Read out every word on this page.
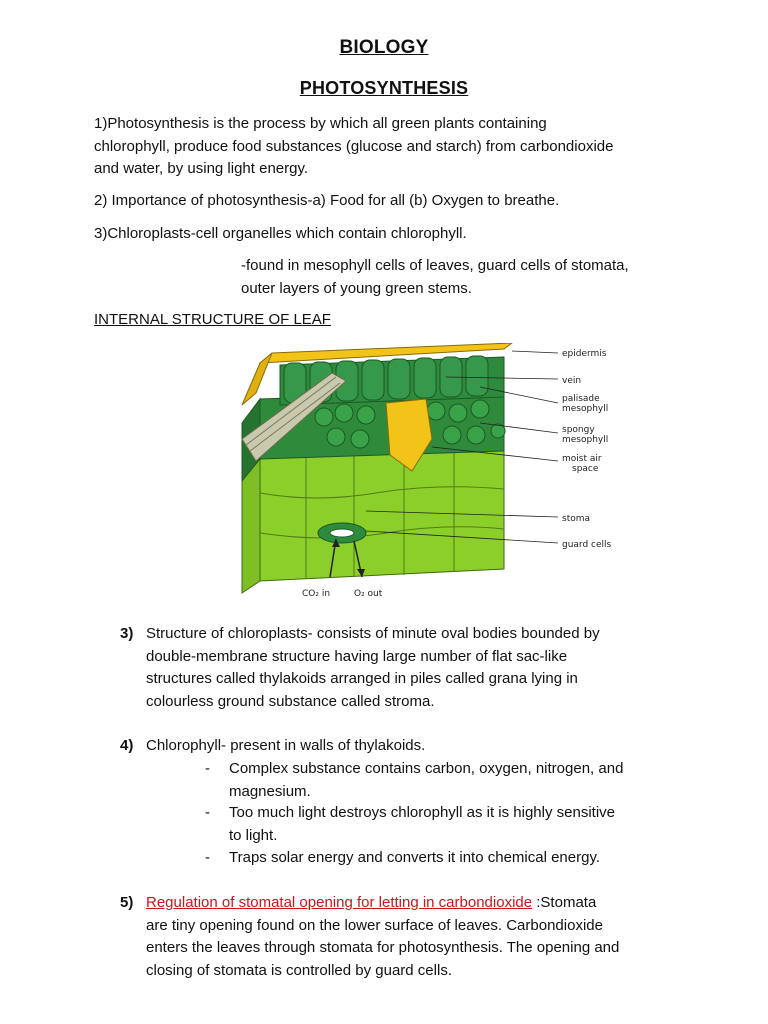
BIOLOGY
PHOTOSYNTHESIS
1)Photosynthesis is the process by which all green plants containing
chlorophyll, produce food substances (glucose and starch) from carbondioxide
and water, by using light energy.
2) Importance of photosynthesis-a) Food for all (b) Oxygen to breathe.
3)Chloroplasts-cell organelles which contain chlorophyll.
-found in mesophyll cells of leaves, guard cells of stomata,
outer layers of young green stems.
INTERNAL STRUCTURE OF LEAF
epidermis
vein
palisade
mesophyll
spongy
mesophyll
moist air
space
stoma
guard cells
CO₂ in	O₂ out
3) Structure of chloroplasts- consists of minute oval bodies bounded by
double-membrane structure having large number of flat sac-like
structures called thylakoids arranged in piles called grana lying in
colourless ground substance called stroma.
4) Chlorophyll- present in walls of thylakoids.
- Complex substance contains carbon, oxygen, nitrogen, and
magnesium.
- Too much light destroys chlorophyll as it is highly sensitive
to light.
- Traps solar energy and converts it into chemical energy.
5) Regulation of stomatal opening for letting in carbondioxide :Stomata
are tiny opening found on the lower surface of leaves. Carbondioxide
enters the leaves through stomata for photosynthesis. The opening and
closing of stomata is controlled by guard cells.
